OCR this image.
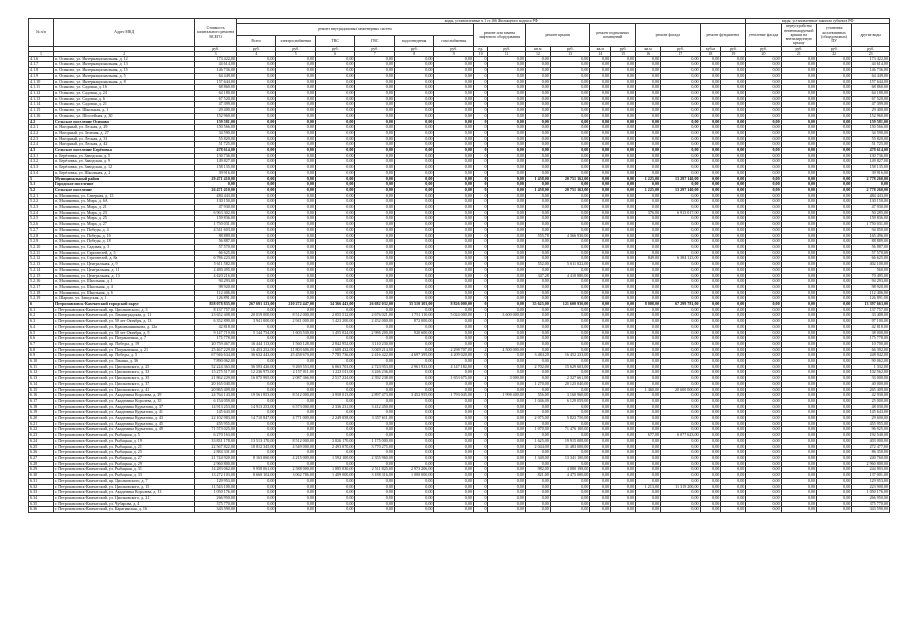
№ п/п	Адрес МКД	Стоимость капитального ремонта ВСЕГО	виды, установленные ч.1 ст.166 Жилищного кодекса РФ																виды, установленные законом субъекта РФ			
			ремонт внутридомовых инженерных систем						ремонт или замена лифтового оборудования		ремонт крыши		ремонт подвальных помещений		ремонт фасада		ремонт фундамента		утепление фасада	переустройство невентилируемой крыши на вентилируемую крышу	установка коллективных (общедомовых) ПУ	другие виды
			Всего	электроснабжения	ТВС	ГВС	водоотведения	газоснабжения														
		руб.	руб.	руб.	руб.	руб.	руб.	руб.	ед.	руб.	кв.м	руб.	кв.м	руб.	кв.м	руб.	куб.м	руб.	руб.	руб.	руб.	руб.
1	2	3	4	5	6	7	8	9	10	11	12	13	14	15	16	17	18	19	20	21	22	23
4.1.6	п. Осиново, ул. Интернациональная, д. 12	173 422,00	0,00	0,00	0,00	0,00	0,00	0,00	0	0,00	0,00	0,00	0,00	0,00	0,00	0,00	0,00	0,00	0,00	0,00	0,00	173 422,00
4.1.7	п. Осиново, ул. Интернациональная, д. 13	44 614,00	0,00	0,00	0,00	0,00	0,00	0,00	0	0,00	0,00	0,00	0,00	0,00	0,00	0,00	0,00	0,00	0,00	0,00	0,00	44 614,00
4.1.8	п. Осиново, ул. Интернациональная, д. 15	146 736,00	0,00	0,00	0,00	0,00	0,00	0,00	0	0,00	0,00	0,00	0,00	0,00	0,00	0,00	0,00	0,00	0,00	0,00	0,00	146 736,00
4.1.9	п. Осиново, ул. Интернациональная, д. 5	64 449,00	0,00	0,00	0,00	0,00	0,00	0,00	0	0,00	0,00	0,00	0,00	0,00	0,00	0,00	0,00	0,00	0,00	0,00	0,00	64 449,00
4.1.10	п. Осиново, ул. Интернациональная, д. 8	157 644,00	0,00	0,00	0,00	0,00	0,00	0,00	0	0,00	0,00	0,00	0,00	0,00	0,00	0,00	0,00	0,00	0,00	0,00	0,00	157 644,00
4.1.11	п. Осиново, ул. Садовая, д. 16	68 860,00	0,00	0,00	0,00	0,00	0,00	0,00	0	0,00	0,00	0,00	0,00	0,00	0,00	0,00	0,00	0,00	0,00	0,00	0,00	68 860,00
4.1.12	п. Осиново, ул. Садовая, д. 24	64 180,00	0,00	0,00	0,00	0,00	0,00	0,00	0	0,00	0,00	0,00	0,00	0,00	0,00	0,00	0,00	0,00	0,00	0,00	0,00	64 180,00
4.1.13	п. Осиново, ул. Садовая, д. 6	67 520,00	0,00	0,00	0,00	0,00	0,00	0,00	0	0,00	0,00	0,00	0,00	0,00	0,00	0,00	0,00	0,00	0,00	0,00	0,00	67 520,00
4.1.14	п. Осиново, ул. Садовая, д. 21	47 399,00	0,00	0,00	0,00	0,00	0,00	0,00	0	0,00	0,00	0,00	0,00	0,00	0,00	0,00	0,00	0,00	0,00	0,00	0,00	47 399,00
4.1.15	п. Осиново, ул. Школьная, д. 1	29 400,00	0,00	0,00	0,00	0,00	0,00	0,00	0	0,00	0,00	0,00	0,00	0,00	0,00	0,00	0,00	0,00	0,00	0,00	0,00	29 400,00
4.1.16	п. Осиново, ул. Шоссейная, д. 30	152 960,00	0,00	0,00	0,00	0,00	0,00	0,00	0	0,00	0,00	0,00	0,00	0,00	0,00	0,00	0,00	0,00	0,00	0,00	0,00	152 960,00
4.2	Сельское поселение Осиново	159 581,00	0,00	0,00	0,00	0,00	0,00	0,00	0	0,00	0,00	0,00	0,00	0,00	0,00	0,00	0,00	0,00	0,00	0,00	0,00	159 581,00
4.2.1	п. Нагорный, ул. Лесная, д. 29	150 566,00	0,00	0,00	0,00	0,00	0,00	0,00	0	0,00	0,00	0,00	0,00	0,00	0,00	0,00	0,00	0,00	0,00	0,00	0,00	150 566,00
4.2.2	п. Нагорный, ул. Зеленая, д. 27	34 590,00	0,00	0,00	0,00	0,00	0,00	0,00	0	0,00	0,00	0,00	0,00	0,00	0,00	0,00	0,00	0,00	0,00	0,00	0,00	34 590,00
4.2.3	п. Нагорный, ул. Лесная, д. 31	55 820,00	0,00	0,00	0,00	0,00	0,00	0,00	0	0,00	0,00	0,00	0,00	0,00	0,00	0,00	0,00	0,00	0,00	0,00	0,00	55 820,00
4.2.4	п. Нагорный, ул. Лесная, д. 42	51 725,00	0,00	0,00	0,00	0,00	0,00	0,00	0	0,00	0,00	0,00	0,00	0,00	0,00	0,00	0,00	0,00	0,00	0,00	0,00	51 725,00
4.3	Сельское поселение Берёзовка	478 614,00	0,00	0,00	0,00	0,00	0,00	0,00	0	0,00	0,00	0,00	0,00	0,00	0,00	0,00	0,00	0,00	0,00	0,00	0,00	478 614,00
4.3.1	п. Берёзовка, ул. Заводская, д. 5	130 736,00	0,00	0,00	0,00	0,00	0,00	0,00	0	0,00	0,00	0,00	0,00	0,00	0,00	0,00	0,00	0,00	0,00	0,00	0,00	130 736,00
4.3.2	п. Берёзовка, ул. Заводская, д. 9	149 827,00	0,00	0,00	0,00	0,00	0,00	0,00	0	0,00	0,00	0,00	0,00	0,00	0,00	0,00	0,00	0,00	0,00	0,00	0,00	149 827,00
4.3.3	п. Берёзовка, ул. Заводская, д. 12	158 135,00	0,00	0,00	0,00	0,00	0,00	0,00	0	0,00	0,00	0,00	0,00	0,00	0,00	0,00	0,00	0,00	0,00	0,00	0,00	158 135,00
4.3.4	п. Берёзовка, ул. Школьная, д. 2	39 916,00	0,00	0,00	0,00	0,00	0,00	0,00	0	0,00	0,00	0,00	0,00	0,00	0,00	0,00	0,00	0,00	0,00	0,00	0,00	39 916,00
5	Муниципальный район	29 471 410,00	0,00	0,00	0,00	0,00	0,00	0,00	0	0,00	1 458,00	20 751 162,00	0,00	0,00	1 225,00	13 297 140,00	0,00	0,00	0,00	0,00	0,00	2 778 260,00
5.1	Городское поселение	0,00	0,00	0,00	0,00	0,00	0,00	0,00	0	0,00	0,00	0,00	0,00	0,00	0,00	0,00	0,00	0,00	0,00	0,00	0,00	0,00
5.2	Сельское поселение	26 471 410,00	0,00	0,00	0,00	0,00	0,00	0,00	0	0,00	1 458,00	20 751 162,00	0,00	0,00	1 225,00	13 297 140,00	0,00	0,00	0,00	0,00	0,00	2 778 260,00
5.2.1	п. Малиновка, ул. Северная, д. 15	484 443,00	0,00	0,00	0,00	0,00	0,00	0,00	0	0,00	0,00	0,00	0,00	0,00	0,00	0,00	0,00	0,00	0,00	0,00	0,00	484 443,00
5.2.2	п. Малиновка, ул. Мира, д. 6А	130 150,00	0,00	0,00	0,00	0,00	0,00	0,00	0	0,00	0,00	0,00	0,00	0,00	0,00	0,00	0,00	0,00	0,00	0,00	0,00	130 150,00
5.2.3	п. Малиновка, ул. Мира, д. 21	47 930,00	0,00	0,00	0,00	0,00	0,00	0,00	0	0,00	0,00	0,00	0,00	0,00	0,00	0,00	0,00	0,00	0,00	0,00	0,00	47 930,00
5.2.4	п. Малиновка, ул. Мира, д. 23	6 963 302,00	0,00	0,00	0,00	0,00	0,00	0,00	0	0,00	0,00	0,00	0,00	0,00	376,00	6 913 017,00	0,00	0,00	0,00	0,00	0,00	50 285,00
5.2.5	п. Малиновка, ул. Мира, д. 25	159 836,00	0,00	0,00	0,00	0,00	0,00	0,00	0	0,00	0,00	0,00	0,00	0,00	0,00	0,00	0,00	0,00	0,00	0,00	0,00	159 836,00
5.2.6	п. Малиновка, ул. Мира, д. 27	1 750 031,00	0,00	0,00	0,00	0,00	0,00	0,00	0	0,00	0,00	0,00	0,00	0,00	0,00	0,00	0,00	0,00	0,00	0,00	0,00	1 750 031,00
5.2.7	п. Малиновка, ул. Победы, д. 4	4 541 603,00	0,00	0,00	0,00	0,00	0,00	0,00	0	0,00	0,00	0,00	0,00	0,00	0,00	0,00	0,00	0,00	0,00	0,00	0,00	94 850,00
5.2.8	п. Малиновка, ул. Победы, д. 16	88 889,00	0,00	0,00	0,00	0,00	0,00	0,00	0	0,00	555,78	4 366 930,00	0,00	0,00	0,00	0,00	0,00	0,00	0,00	0,00	0,00	165 496,00
5.2.9	п. Малиновка, ул. Победы, д. 18	56 887,00	0,00	0,00	0,00	0,00	0,00	0,00	0	0,00	0,00	0,00	0,00	0,00	0,00	0,00	0,00	0,00	0,00	0,00	0,00	88 889,00
5.2.10	п. Малиновка, ул. Садовая, д. 3	57 570,00	0,00	0,00	0,00	0,00	0,00	0,00	0	0,00	0,00	0,00	0,00	0,00	0,00	0,00	0,00	0,00	0,00	0,00	0,00	56 887,00
5.2.11	п. Малиновка, ул. Строителей, д. 5	66 625,00	0,00	0,00	0,00	0,00	0,00	0,00	0	0,00	0,00	0,00	0,00	0,00	0,00	0,00	0,00	0,00	0,00	0,00	0,00	57 570,00
5.2.12	п. Малиновка, ул. Строителей, д. 8а	6 786 223,00	0,00	0,00	0,00	0,00	0,00	0,00	0	0,00	0,00	0,00	0,00	0,00	849,00	6 384 123,00	0,00	0,00	0,00	0,00	0,00	66 625,00
5.2.13	п. Малиновка, ул. Центральная, д. 9	5 611 582,00	0,00	0,00	0,00	0,00	0,00	0,00	0	0,00	552,00	5 611 022,00	0,00	0,00	0,00	0,00	0,00	0,00	0,00	0,00	0,00	402 100,00
5.2.14	п. Малиновка, ул. Центральная, д. 11	2 480 495,00	0,00	0,00	0,00	0,00	0,00	0,00	0	0,00	0,00	0,00	0,00	0,00	0,00	0,00	0,00	0,00	0,00	0,00	0,00	560,00
5.2.15	п. Малиновка, ул. Центральная, д. 13	4 420 216,00	0,00	0,00	0,00	0,00	0,00	0,00	0	0,00	347,28	4 410 880,00	0,00	0,00	0,00	0,00	0,00	0,00	0,00	0,00	0,00	70 495,00
5.2.16	п. Малиновка, ул. Школьная, д. 1	94 293,00	0,00	0,00	0,00	0,00	0,00	0,00	0	0,00	0,00	0,00	0,00	0,00	0,00	0,00	0,00	0,00	0,00	0,00	0,00	94 293,00
5.2.17	п. Малиновка, ул. Школьная, д. 4	98 920,00	0,00	0,00	0,00	0,00	0,00	0,00	0	0,00	0,00	0,00	0,00	0,00	0,00	0,00	0,00	0,00	0,00	0,00	0,00	98 920,00
5.2.18	п. Малиновка, ул. Школьная, д. 6	112 406,00	0,00	0,00	0,00	0,00	0,00	0,00	0	0,00	0,00	0,00	0,00	0,00	0,00	0,00	0,00	0,00	0,00	0,00	0,00	112 406,00
5.2.19	п. Шарово, ул. Заводская, д. 1	126 891,00	0,00	0,00	0,00	0,00	0,00	0,00	0	0,00	0,00	0,00	0,00	0,00	0,00	0,00	0,00	0,00	0,00	0,00	0,00	126 891,00
6	Петропавловск-Камчатский городской округ	858 078 835,00	267 691 123,00	210 272 447,00	34 366 443,00	26 682 032,00	35 510 303,00	8 826 000,00	0	0,00	35 625,00	121 600 930,00	0,00	0,00	8 008,00	67 299 781,00	0,00	0,00	0,00	0,00	0,00	13 397 663,00
6.1	г. Петропавловск-Камчатский, пр. Циолковского, д. 3	8 137 757,00	0,00	0,00	0,00	0,00	0,00	0,00	0	0,00	0,00	0,00	0,00	0,00	0,00	0,00	0,00	0,00	0,00	0,00	0,00	137 757,00
6.2	г. Петропавловск-Камчатский, ул. Ленинградская, д. 11	23 652 408,00	20 019 000,00	8 512 000,00	2 055 512,00	2 676 021,00	1 751 110,00	5 024 000,00	1	3 600 000,00	0,00	0,00	0,00	0,00	0,00	0,00	0,00	0,00	0,00	0,00	0,00	33 408,00
6.3	г. Петропавловск-Камчатский, ул. 50 лет Октября, д. 13	6 352 899,00	3 941 000,00	2 941 000,00	1 423 200,00	2 452 000,00	872 000,00	0,00	0	0,00	0,00	0,00	0,00	0,00	0,00	0,00	0,00	0,00	0,00	0,00	0,00	97 100,00
6.4	г. Петропавловск-Камчатский, ул. Крашенинникова, д. 12а	42 818,00	0,00	0,00	0,00	0,00	0,00	0,00	0	0,00	0,00	0,00	0,00	0,00	0,00	0,00	0,00	0,00	0,00	0,00	0,00	42 818,00
6.5	г. Петропавловск-Камчатский, ул. 50 лет Октября, д. 9	9 147 719,00	5 144 754,00	1 603 530,00	1 455 024,00	2 986 200,00	920 600,00	0,00	0	0,00	0,00	0,00	0,00	0,00	0,00	0,00	0,00	0,00	0,00	0,00	0,00	38 000,00
6.6	г. Петропавловск-Камчатский, ул. Пограничная, д. 7	175 778,00	0,00	0,00	0,00	0,00	0,00	0,00	0	0,00	0,00	0,00	0,00	0,00	0,00	0,00	0,00	0,00	0,00	0,00	0,00	175 778,00
6.7	г. Петропавловск-Камчатский, пр. Победы, д. 19	20 759 467,00	16 444 113,00	1 560 128,00	2 842 952,00	3 110 230,00	0,00	0,00	0	0,00	0,00	0,00	0,00	0,00	0,00	0,00	0,00	0,00	0,00	0,00	0,00	10 700,00
6.8	г. Петропавловск-Камчатский, ул. Пограничная, д. 21	25 467 229,00	16 453 252,00	11 803 606,00	1 600 432,00	3 049 214,00	0,00	2 298 707,00	2	4 500 000,00	0,00	0,00	0,00	0,00	0,00	0,00	0,00	0,00	0,00	0,00	0,00	66 392,00
6.9	г. Петропавловск-Камчатский, пр. Победы, д. 5	67 946 634,00	36 632 443,00	25 458 670,00	7 785 736,00	2 416 422,00	4 697 395,00	4 209 020,00	0	0,00	3 484,20	16 452 233,00	0,00	0,00	0,00	0,00	0,00	0,00	0,00	0,00	0,00	248 942,00
6.10	г. Петропавловск-Камчатский, ул. Ленина, д. 36	7 890 062,00	0,00	0,00	0,00	0,00	0,00	0,00	0	0,00	0,00	0,00	0,00	0,00	0,00	0,00	0,00	0,00	0,00	0,00	0,00	90 062,00
6.11	г. Петропавловск-Камчатский, ул. Циолковского, д. 25	52 224 363,00	36 593 426,00	9 269 553,00	6 063 703,00	2 723 953,00	2 961 933,00	4 147 182,00	0	0,00	2 702,00	15 629 603,00	0,00	0,00	0,00	0,00	0,00	0,00	0,00	0,00	0,00	1 332,00
6.12	г. Петропавловск-Камчатский, ул. Циолковского, д. 33	15 275 517,00	12 236 975,00	2 157 011,00	1 223 011,00	3 246 236,00	0,00	0,00	0	0,00	0,00	0,00	0,00	0,00	0,00	0,00	0,00	0,00	0,00	0,00	0,00	102 562,00
6.13	г. Петропавловск-Камчатский, ул. Циолковского, д. 35	21 862 229,00	16 075 905,00	2 087 366,00	2 517 224,00	2 392 238,00	0,00	1 653 675,00	2	3 000,00	0,00	2 327 661,00	0,00	0,00	0,00	0,00	0,00	0,00	0,00	0,00	0,00	33 000,00
6.14	г. Петропавловск-Камчатский, ул. Циолковского, д. 37	20 165 040,00	0,00	0,00	0,00	0,00	0,00	0,00	0	0,00	1 270,00	20 125 040,00	0,00	0,00	0,00	0,00	0,00	0,00	0,00	0,00	0,00	40 000,00
6.15	г. Петропавловск-Камчатский, ул. Циолковского, д. 41	20 865 409,00	0,00	0,00	0,00	0,00	0,00	0,00	0	0,00	0,00	0,00	0,00	0,00	1 460,00	20 600 000,00	0,00	0,00	0,00	0,00	0,00	265 409,00
6.16	г. Петропавловск-Камчатский, ул. Академика Королева, д. 29	24 764 143,00	19 561 853,00	8 512 000,00	3 958 013,00	2 897 473,00	3 452 955,00	1 793 045,00	1	1 998 400,00	556,00	3 160 960,00	0,00	0,00	0,00	0,00	0,00	0,00	0,00	0,00	0,00	42 930,00
6.17	г. Петропавловск-Камчатский, ул. Академика Королева, д. 35	6 154 059,00	0,00	0,00	0,00	0,00	0,00	0,00	0	0,00	1 046,00	6 129 059,00	0,00	0,00	0,00	0,00	0,00	0,00	0,00	0,00	0,00	25 000,00
6.18	г. Петропавловск-Камчатский, ул. Академика Курчатова, д. 37	14 913 253,00	14 913 253,00	6 573 000,00	2 336 231,00	3 412 450,00	0,00	0,00	0	0,00	0,00	0,00	0,00	0,00	0,00	0,00	0,00	0,00	0,00	0,00	0,00	48 030,00
6.19	г. Петропавловск-Камчатский, ул. Академика Курчатова, д. 41	145 643,00	0,00	0,00	0,00	0,00	0,00	0,00	0	0,00	0,00	0,00	0,00	0,00	0,00	0,00	0,00	0,00	0,00	0,00	0,00	145 643,00
6.20	г. Петропавловск-Камчатский, ул. Академика Курчатова, д. 43	22 102 983,00	14 710 847,00	4 771 000,00	2 249 058,00	3 357 611,00	0,00	0,00	0	0,00	2 075,00	5 823 750,00	0,00	0,00	0,00	0,00	0,00	0,00	0,00	0,00	0,00	29 600,00
6.21	г. Петропавловск-Камчатский, ул. Академика Курчатова, д. 45	455 955,00	0,00	0,00	0,00	0,00	0,00	0,00	0	0,00	0,00	0,00	0,00	0,00	0,00	0,00	0,00	0,00	0,00	0,00	0,00	455 955,00
6.22	г. Петропавловск-Камчатский, ул. Академика Курчатова, д. 49	71 573 025,00	0,00	0,00	0,00	0,00	0,00	0,00	0	0,00	1 070,00	71 476 100,00	0,00	0,00	0,00	0,00	0,00	0,00	0,00	0,00	0,00	96 925,00
6.23	г. Петропавловск-Камчатский, ул. Рыбацкая, д. 5	6 270 163,00	0,00	0,00	0,00	0,00	0,00	0,00	0	0,00	0,00	0,00	0,00	0,00	677,00	6 077 623,00	0,00	0,00	0,00	0,00	0,00	192 540,00
6.24	г. Петропавловск-Камчатский, ул. Рыбацкая, д. 19	33 831 178,00	13 513 170,00	8 512 000,00	3 826 170,00	1 175 000,00	0,00	0,00	0	0,00	1 625,00	19 915 008,00	0,00	0,00	0,00	0,00	0,00	0,00	0,00	0,00	0,00	403 000,00
6.25	г. Петропавловск-Камчатский, ул. Рыбацкая, д. 21	22 567 822,00	10 812 345,00	4 549 000,00	2 493 070,00	3 770 275,00	0,00	0,00	0	0,00	2 044,00	11 483 000,00	0,00	0,00	0,00	0,00	0,00	0,00	0,00	0,00	0,00	272 477,00
6.26	г. Петропавловск-Камчатский, ул. Рыбацкая, д. 25	2 884 331,00	0,00	0,00	0,00	0,00	0,00	0,00	0	0,00	0,00	0,00	0,00	0,00	0,00	0,00	0,00	0,00	0,00	0,00	0,00	86 350,00
6.27	г. Петропавловск-Камчатский, ул. Рыбацкая, д. 27	21 744 920,00	8 163 060,00	4 215 000,00	1 592 100,00	2 355 960,00	0,00	0,00	0	0,00	1 340,00	13 341 100,00	0,00	0,00	0,00	0,00	0,00	0,00	0,00	0,00	0,00	240 760,00
6.28	г. Петропавловск-Камчатский, ул. Рыбацкая, д. 29	2 960 800,00	0,00	0,00	0,00	0,00	0,00	0,00	0	0,00	0,00	0,00	0,00	0,00	0,00	0,00	0,00	0,00	0,00	0,00	0,00	2 960 800,00
6.29	г. Петропавловск-Камчатский, ул. Рыбацкая, д. 31	14 283 062,00	9 958 061,00	2 588 000,00	1 885 030,00	2 511 825,00	2 973 206,00	0,00	0	0,00	982,00	4 080 198,00	0,00	0,00	0,00	0,00	0,00	0,00	0,00	0,00	0,00	244 803,00
6.30	г. Петропавловск-Камчатский, ул. Рыбацкая, д. 33	13 272 103,00	8 660 102,00	3 062 786,00	1 409 000,00	3 188 316,00	1 000 000,00	0,00	0	0,00	821,00	4 475 000,00	0,00	0,00	0,00	0,00	0,00	0,00	0,00	0,00	0,00	137 001,00
6.31	г. Петропавловск-Камчатский, пр. Циолковского, д. 7	129 953,00	0,00	0,00	0,00	0,00	0,00	0,00	0	0,00	0,00	0,00	0,00	0,00	0,00	0,00	0,00	0,00	0,00	0,00	0,00	129 953,00
6.32	г. Петропавловск-Камчатский, ул. Циолковского, д. 15	11 543 100,00	0,00	0,00	0,00	0,00	0,00	0,00	0	0,00	0,00	0,00	0,00	0,00	1 213,00	11 319 200,00	0,00	0,00	0,00	0,00	0,00	223 900,00
6.33	г. Петропавловск-Камчатский, ул. Академика Королева, д. 13	1 050 176,00	0,00	0,00	0,00	0,00	0,00	0,00	0	0,00	0,00	0,00	0,00	0,00	0,00	0,00	0,00	0,00	0,00	0,00	0,00	1 050 176,00
6.34	г. Петропавловск-Камчатский, ул. Циолковского, д. 21	266 950,00	0,00	0,00	0,00	0,00	0,00	0,00	0	0,00	0,00	0,00	0,00	0,00	0,00	0,00	0,00	0,00	0,00	0,00	0,00	266 950,00
6.35	г. Петропавловск-Камчатский, ул. Чубарова, д. 4	375 770,00	0,00	0,00	0,00	0,00	0,00	0,00	0	0,00	0,00	0,00	0,00	0,00	0,00	0,00	0,00	0,00	0,00	0,00	0,00	375 770,00
6.36	г. Петропавловск-Камчатский, ул. Карагинская, д. 16	343 590,00	0,00	0,00	0,00	0,00	0,00	0,00	0	0,00	0,00	0,00	0,00	0,00	0,00	0,00	0,00	0,00	0,00	0,00	0,00	343 590,00
